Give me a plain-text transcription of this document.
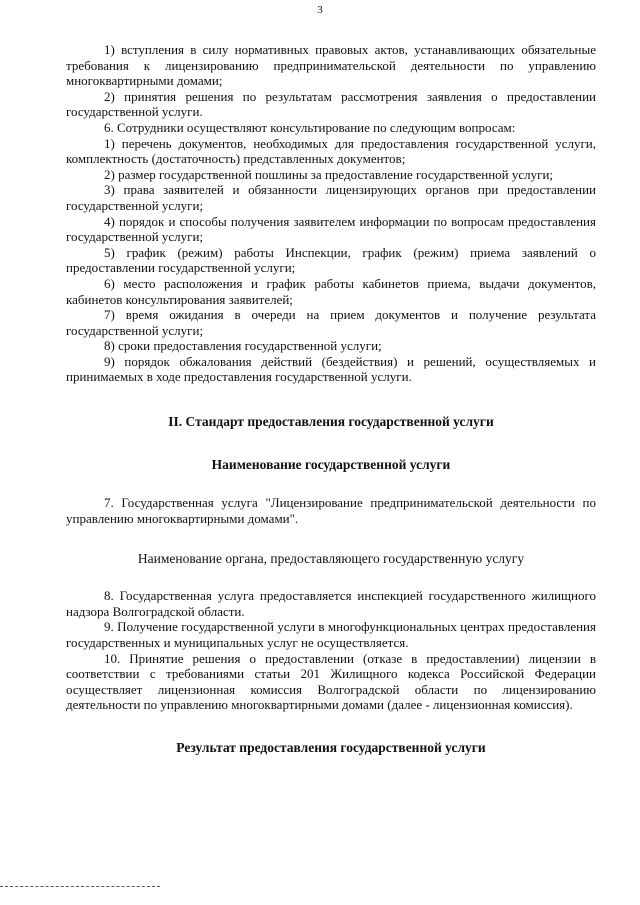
3

1) вступления в силу нормативных правовых актов, устанавливающих обязательные требования к лицензированию предпринимательской деятельности по управлению многоквартирными домами;

2) принятия решения по результатам рассмотрения заявления о предоставлении государственной услуги.

6. Сотрудники осуществляют консультирование по следующим вопросам:

1) перечень документов, необходимых для предоставления государственной услуги, комплектность (достаточность) представленных документов;

2) размер государственной пошлины за предоставление государственной услуги;

3) права заявителей и обязанности лицензирующих органов при предоставлении государственной услуги;

4) порядок и способы получения заявителем информации по вопросам предоставления государственной услуги;

5) график (режим) работы Инспекции, график (режим) приема заявлений о предоставлении государственной услуги;

6) место расположения и график работы кабинетов приема, выдачи документов, кабинетов консультирования заявителей;

7) время ожидания в очереди на прием документов и получение результата государственной услуги;

8) сроки предоставления государственной услуги;

9) порядок обжалования действий (бездействия) и решений, осуществляемых и принимаемых в ходе предоставления государственной услуги.

II. Стандарт предоставления государственной услуги
Наименование государственной услуги

7. Государственная услуга "Лицензирование предпринимательской деятельности по управлению многоквартирными домами".

Наименование органа, предоставляющего государственную услугу

8. Государственная услуга предоставляется инспекцией государственного жилищного надзора Волгоградской области.

9. Получение государственной услуги в многофункциональных центрах предоставления государственных и муниципальных услуг не осуществляется.

10. Принятие решения о предоставлении (отказе в предоставлении) лицензии в соответствии с требованиями статьи 201 Жилищного кодекса Российской Федерации осуществляет лицензионная комиссия Волгоградской области по лицензированию деятельности по управлению многоквартирными домами (далее - лицензионная комиссия).

Результат предоставления государственной услуги
